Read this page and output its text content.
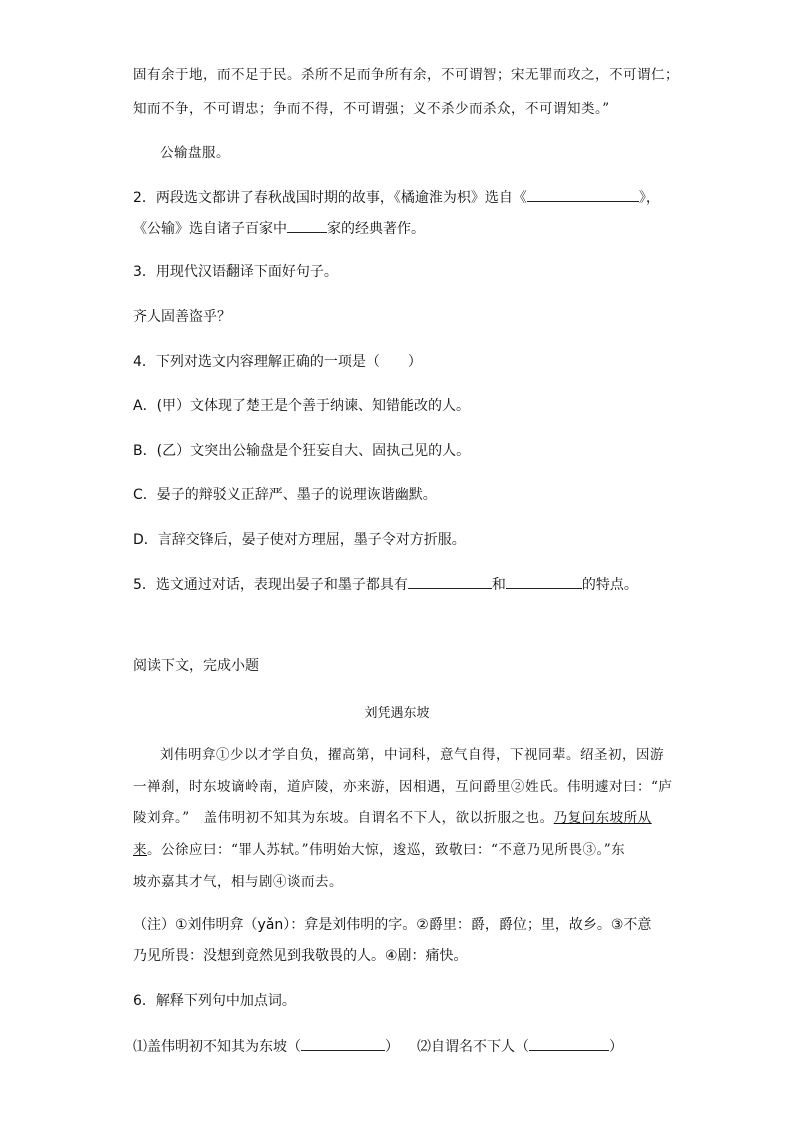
固有余于地，而不足于民。杀所不足而争所有余，不可谓智；宋无罪而攻之，不可谓仁；
知而不争，不可谓忠；争而不得，不可谓强；义不杀少而杀众，不可谓知类。”
公输盘服。
2．两段选文都讲了春秋战国时期的故事，《橘逾淮为枳》选自《	》，
《公输》选自诸子百家中	家的经典著作。
3．用现代汉语翻译下面好句子。
齐人固善盗乎？
4．下列对选文内容理解正确的一项是（　　）
A．(甲）文体现了楚王是个善于纳谏、知错能改的人。
B．(乙）文突出公输盘是个狂妄自大、固执己见的人。
C．晏子的辩驳义正辞严、墨子的说理诙谐幽默。
D．言辞交锋后，晏子使对方理屈，墨子令对方折服。
5．选文通过对话，表现出晏子和墨子都具有	和	的特点。
阅读下文，完成小题
刘凭遇东坡
刘伟明弇①少以才学自负，擢高第，中词科，意气自得，下视同辈。绍圣初，因游
一禅刹，时东坡谪岭南，道庐陵，亦来游，因相遇，互问爵里②姓氏。伟明遽对曰：“庐
陵刘弇。”　盖伟明初不知其为东坡。自谓名不下人，欲以折服之也。乃复问东坡所从
来。公徐应曰：“罪人苏轼。”伟明始大惊，逡巡，致敬曰：“不意乃见所畏③。”东
坡亦嘉其才气，相与剧④谈而去。
（注）①刘伟明弇（yǎn）：弇是刘伟明的字。②爵里：爵，爵位；里，故乡。③不意
乃见所畏：没想到竟然见到我敬畏的人。④剧：痛快。
6．解释下列句中加点词。
⑴盖伟明初不知其为东坡（	） ⑵自谓名不下人（	）
